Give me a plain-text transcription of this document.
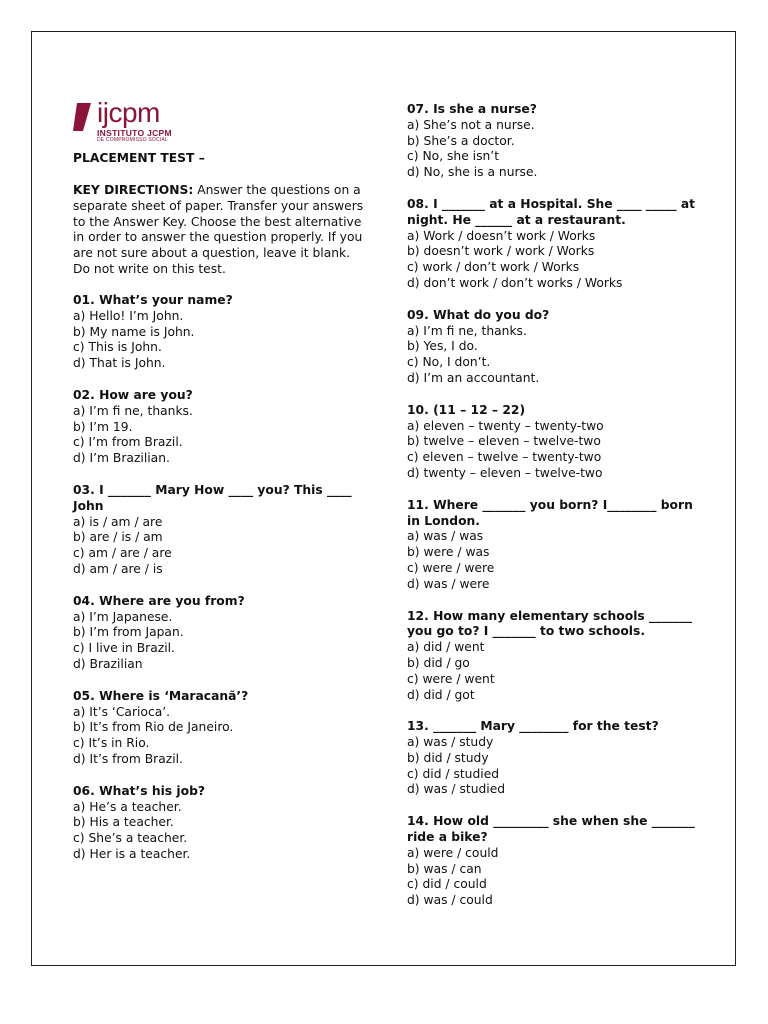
ijcpm
INSTITUTO JCPM
DE COMPROMISSO SOCIAL
PLACEMENT TEST –
KEY DIRECTIONS: Answer the questions on a separate sheet of paper. Transfer your answers to the Answer Key. Choose the best alternative in order to answer the question properly. If you are not sure about a question, leave it blank. Do not write on this test.
01. What’s your name?
a) Hello! I’m John.
b) My name is John.
c) This is John.
d) That is John.
02. How are you?
a) I’m fi ne, thanks.
b) I’m 19.
c) I’m from Brazil.
d) I’m Brazilian.
03. I _______ Mary How ____ you? This ____ John
a) is / am / are
b) are / is / am
c) am / are / are
d) am / are / is
04. Where are you from?
a) I’m Japanese.
b) I’m from Japan.
c) I live in Brazil.
d) Brazilian
05. Where is ‘Maracanã’?
a) It’s ‘Carioca’.
b) It’s from Rio de Janeiro.
c) It’s in Rio.
d) It’s from Brazil.
06. What’s his job?
a) He’s a teacher.
b) His a teacher.
c) She’s a teacher.
d) Her is a teacher.
07. Is she a nurse?
a) She’s not a nurse.
b) She’s a doctor.
c) No, she isn’t
d) No, she is a nurse.
08. I _______ at a Hospital. She ____ _____ at night. He ______ at a restaurant.
a) Work / doesn’t work / Works
b) doesn’t work / work / Works
c) work / don’t work / Works
d) don’t work / don’t works / Works
09. What do you do?
a) I’m fi ne, thanks.
b) Yes, I do.
c) No, I don’t.
d) I’m an accountant.
10. (11 – 12 – 22)
a) eleven – twenty – twenty-two
b) twelve – eleven – twelve-two
c) eleven – twelve – twenty-two
d) twenty – eleven – twelve-two
11. Where _______ you born? I________ born in London.
a) was / was
b) were / was
c) were / were
d) was / were
12. How many elementary schools _______ you go to? I _______ to two schools.
a) did / went
b) did / go
c) were / went
d) did / got
13. _______ Mary ________ for the test?
a) was / study
b) did / study
c) did / studied
d) was / studied
14. How old _________ she when she _______ ride a bike?
a) were / could
b) was / can
c) did / could
d) was / could
